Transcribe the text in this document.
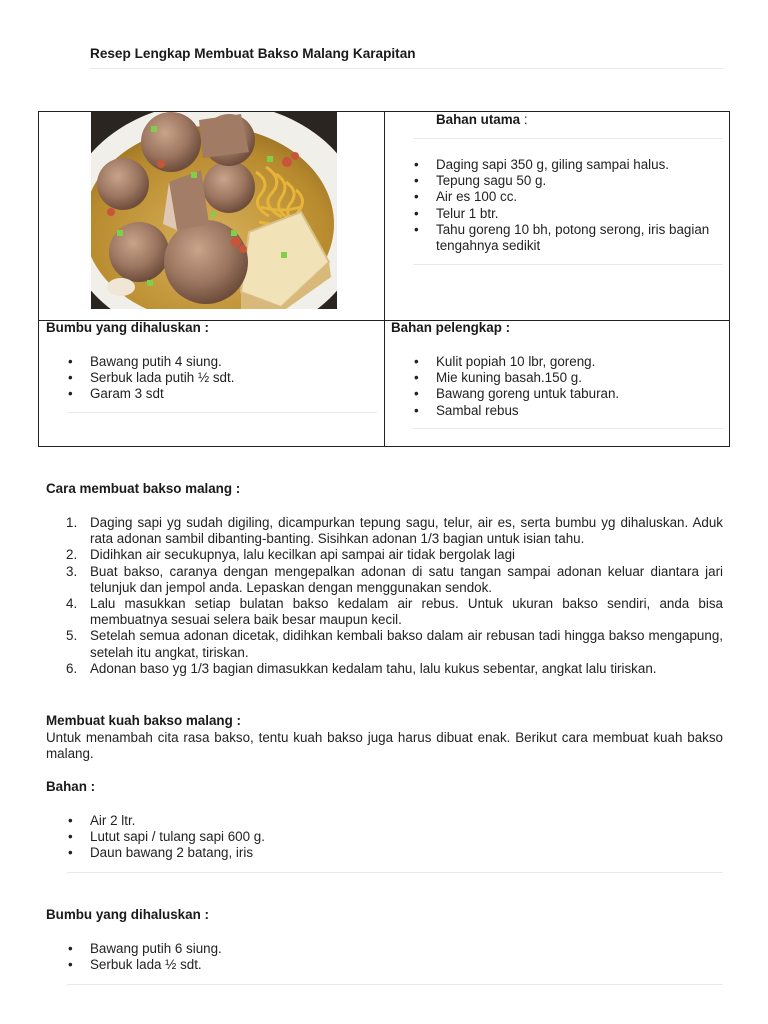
Resep Lengkap Membuat Bakso Malang Karapitan
Bahan utama :
• Daging sapi 350 g, giling sampai halus.
• Tepung sagu 50 g.
• Air es 100 cc.
• Telur 1 btr.
• Tahu goreng 10 bh, potong serong, iris bagian tengahnya sedikit
Bumbu yang dihaluskan :
• Bawang putih 4 siung.
• Serbuk lada putih ½ sdt.
• Garam 3 sdt
Bahan pelengkap :
• Kulit popiah 10 lbr, goreng.
• Mie kuning basah.150 g.
• Bawang goreng untuk taburan.
• Sambal rebus
Cara membuat bakso malang :
1. Daging sapi yg sudah digiling, dicampurkan tepung sagu, telur, air es, serta bumbu yg dihaluskan. Aduk rata adonan sambil dibanting-banting. Sisihkan adonan 1/3 bagian untuk isian tahu.
2. Didihkan air secukupnya, lalu kecilkan api sampai air tidak bergolak lagi
3. Buat bakso, caranya dengan mengepalkan adonan di satu tangan sampai adonan keluar diantara jari telunjuk dan jempol anda. Lepaskan dengan menggunakan sendok.
4. Lalu masukkan setiap bulatan bakso kedalam air rebus. Untuk ukuran bakso sendiri, anda bisa membuatnya sesuai selera baik besar maupun kecil.
5. Setelah semua adonan dicetak, didihkan kembali bakso dalam air rebusan tadi hingga bakso mengapung, setelah itu angkat, tiriskan.
6. Adonan baso yg 1/3 bagian dimasukkan kedalam tahu, lalu kukus sebentar, angkat lalu tiriskan.
Membuat kuah bakso malang :
Untuk menambah cita rasa bakso, tentu kuah bakso juga harus dibuat enak. Berikut cara membuat kuah bakso malang.
Bahan :
• Air 2 ltr.
• Lutut sapi / tulang sapi 600 g.
• Daun bawang 2 batang, iris
Bumbu yang dihaluskan :
• Bawang putih 6 siung.
• Serbuk lada ½ sdt.
